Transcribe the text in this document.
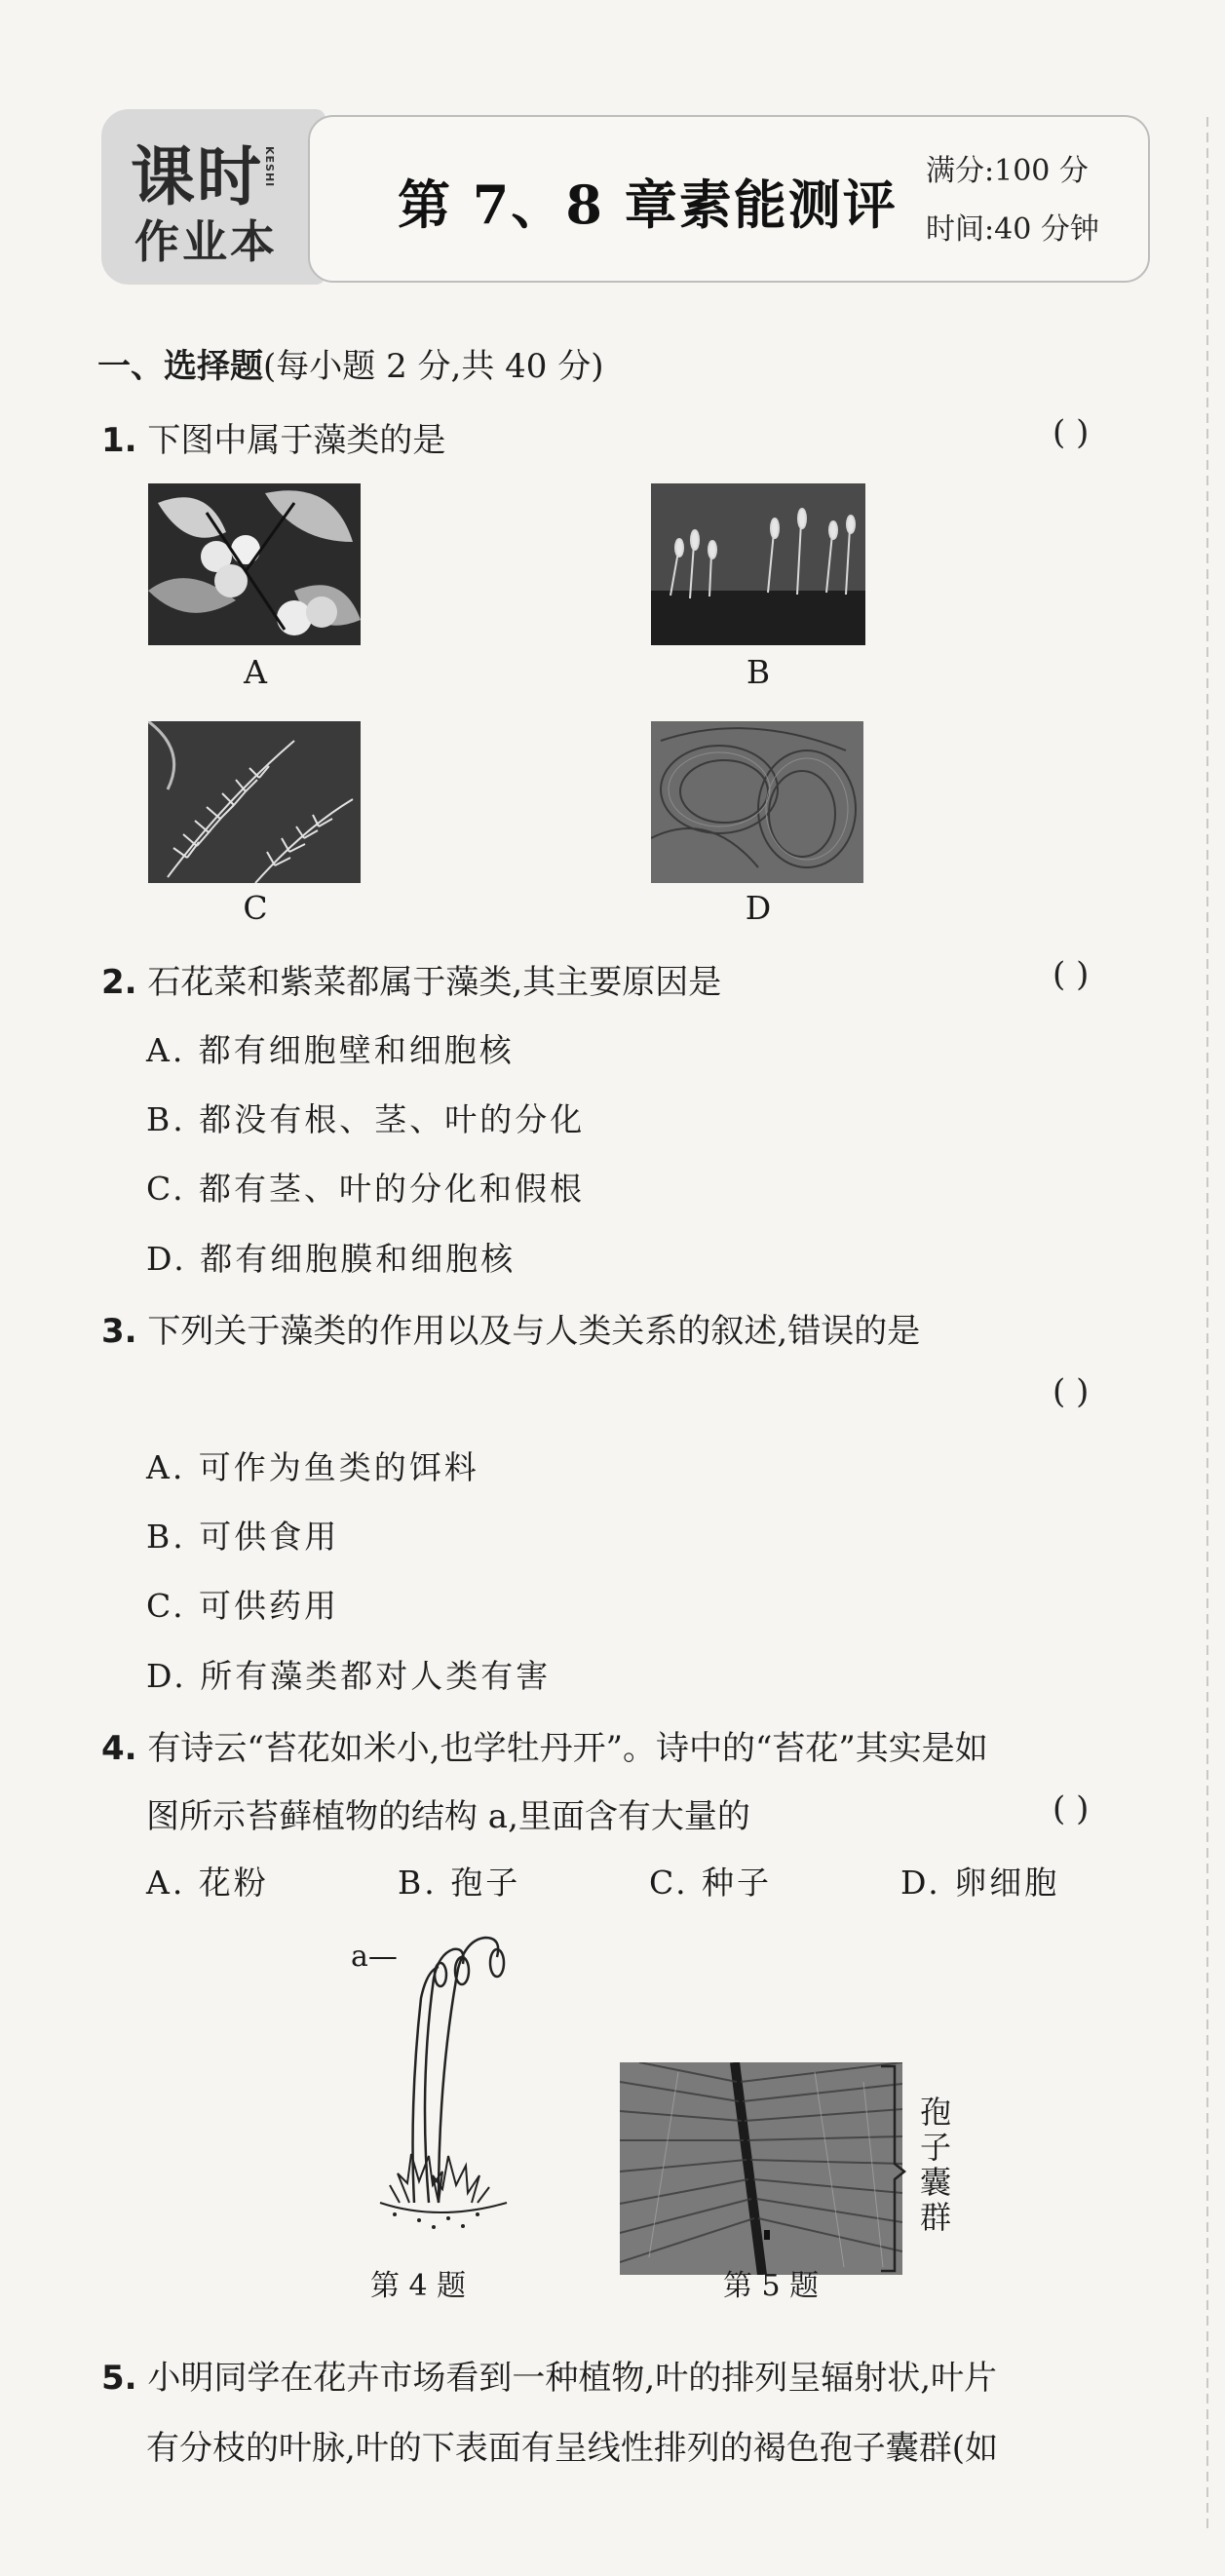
课时 KESHI
作业本
第 7、8 章素能测评
满分:100 分
时间:40 分钟
一、选择题(每小题 2 分,共 40 分)
1. 下图中属于藻类的是	( )
A	B
C	D
2. 石花菜和紫菜都属于藻类,其主要原因是	( )
A. 都有细胞壁和细胞核
B. 都没有根、茎、叶的分化
C. 都有茎、叶的分化和假根
D. 都有细胞膜和细胞核
3. 下列关于藻类的作用以及与人类关系的叙述,错误的是
( )
A. 可作为鱼类的饵料
B. 可供食用
C. 可供药用
D. 所有藻类都对人类有害
4. 有诗云“苔花如米小,也学牡丹开”。诗中的“苔花”其实是如
图所示苔藓植物的结构 a,里面含有大量的	( )
A. 花粉	B. 孢子	C. 种子	D. 卵细胞
a—
第 4 题
孢子囊群
第 5 题
5. 小明同学在花卉市场看到一种植物,叶的排列呈辐射状,叶片
有分枝的叶脉,叶的下表面有呈线性排列的褐色孢子囊群(如
